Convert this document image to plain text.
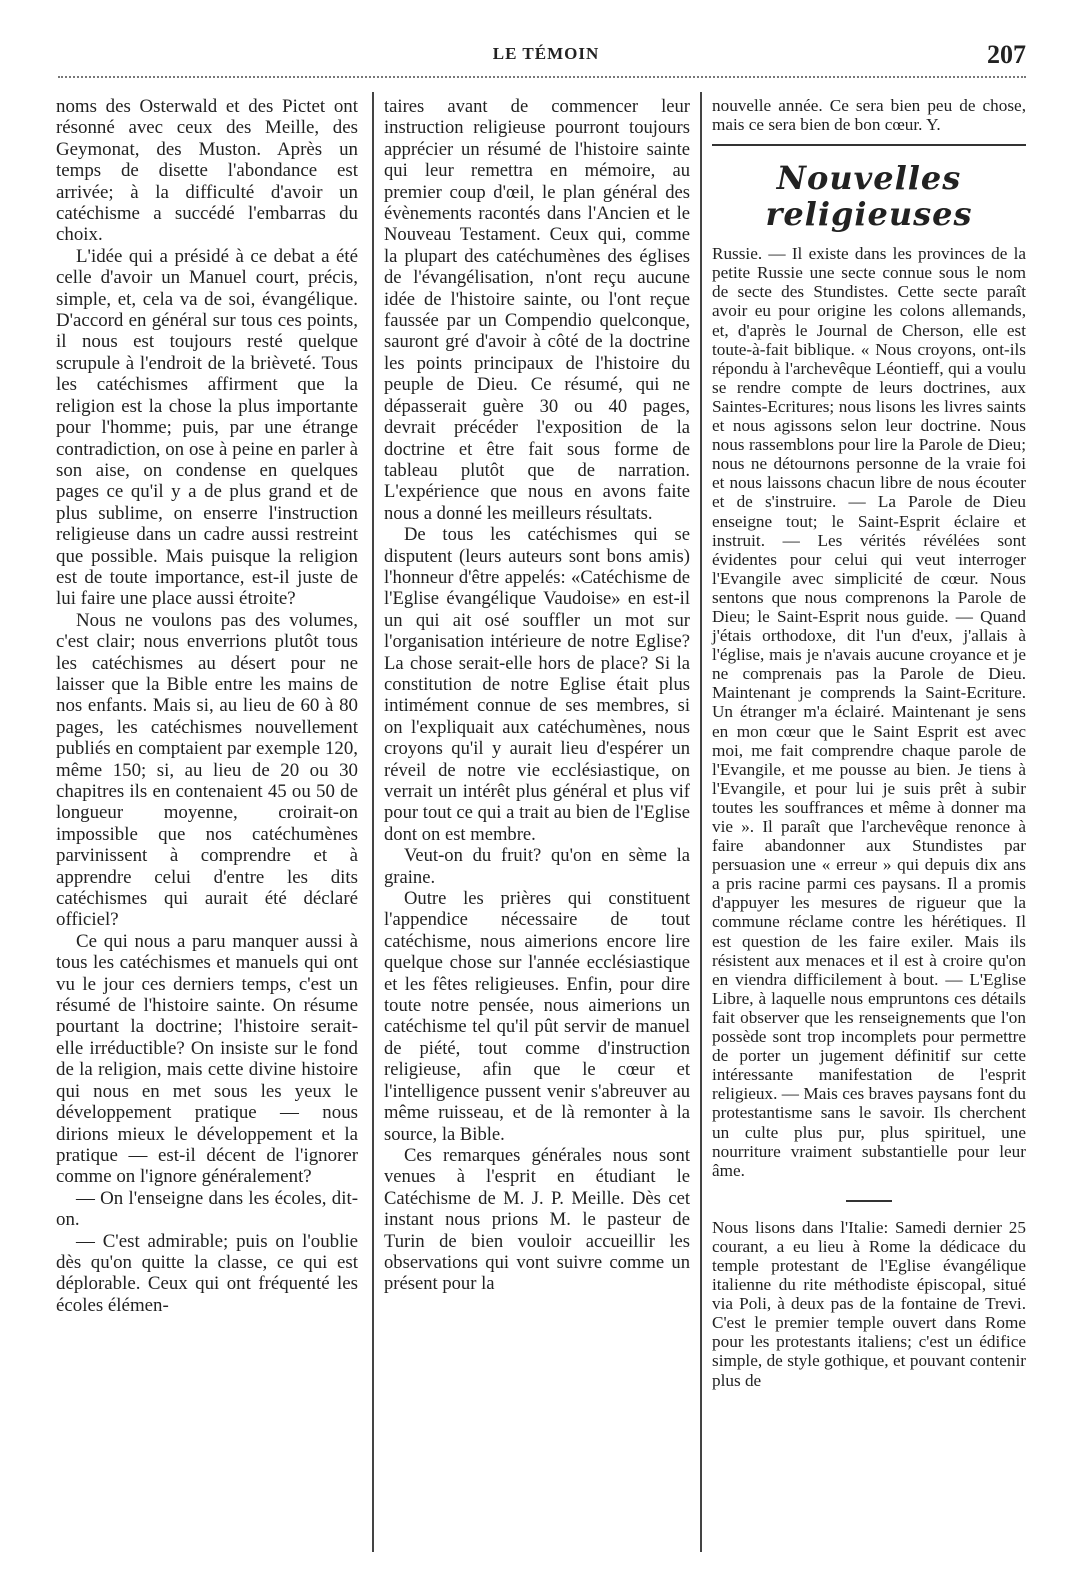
LE TÉMOIN	207

noms des Osterwald et des Pictet ont résonné avec ceux des Meille, des Geymonat, des Muston. Après un temps de disette l'abondance est arrivée; à la difficulté d'avoir un catéchisme a succédé l'embarras du choix.

L'idée qui a présidé à ce debat a été celle d'avoir un Manuel court, précis, simple, et, cela va de soi, évangélique. D'accord en général sur tous ces points, il nous est toujours resté quelque scrupule à l'endroit de la brièveté. Tous les catéchismes affirment que la religion est la chose la plus importante pour l'homme; puis, par une étrange contradiction, on ose à peine en parler à son aise, on condense en quelques pages ce qu'il y a de plus grand et de plus sublime, on enserre l'instruction religieuse dans un cadre aussi restreint que possible. Mais puisque la religion est de toute importance, est-il juste de lui faire une place aussi étroite?

Nous ne voulons pas des volumes, c'est clair; nous enverrions plutôt tous les catéchismes au désert pour ne laisser que la Bible entre les mains de nos enfants. Mais si, au lieu de 60 à 80 pages, les catéchismes nouvellement publiés en comptaient par exemple 120, même 150; si, au lieu de 20 ou 30 chapitres ils en contenaient 45 ou 50 de longueur moyenne, croirait-on impossible que nos catéchumènes parvinissent à comprendre et à apprendre celui d'entre les dits catéchismes qui aurait été déclaré officiel?

Ce qui nous a paru manquer aussi à tous les catéchismes et manuels qui ont vu le jour ces derniers temps, c'est un résumé de l'histoire sainte. On résume pourtant la doctrine; l'histoire serait-elle irréductible? On insiste sur le fond de la religion, mais cette divine histoire qui nous en met sous les yeux le développement pratique — nous dirions mieux le développement et la pratique — est-il décent de l'ignorer comme on l'ignore généralement?

— On l'enseigne dans les écoles, dit-on.

— C'est admirable; puis on l'oublie dès qu'on quitte la classe, ce qui est déplorable. Ceux qui ont fréquenté les écoles élémen-

taires avant de commencer leur instruction religieuse pourront toujours apprécier un résumé de l'histoire sainte qui leur remettra en mémoire, au premier coup d'œil, le plan général des évènements racontés dans l'Ancien et le Nouveau Testament. Ceux qui, comme la plupart des catéchumènes des églises de l'évangélisation, n'ont reçu aucune idée de l'histoire sainte, ou l'ont reçue faussée par un Compendio quelconque, sauront gré d'avoir à côté de la doctrine les points principaux de l'histoire du peuple de Dieu. Ce résumé, qui ne dépasserait guère 30 ou 40 pages, devrait précéder l'exposition de la doctrine et être fait sous forme de tableau plutôt que de narration. L'expérience que nous en avons faite nous a donné les meilleurs résultats.

De tous les catéchismes qui se disputent (leurs auteurs sont bons amis) l'honneur d'être appelés: «Catéchisme de l'Eglise évangélique Vaudoise» en est-il un qui ait osé souffler un mot sur l'organisation intérieure de notre Eglise? La chose serait-elle hors de place? Si la constitution de notre Eglise était plus intimément connue de ses membres, si on l'expliquait aux catéchumènes, nous croyons qu'il y aurait lieu d'espérer un réveil de notre vie ecclésiastique, on verrait un intérêt plus général et plus vif pour tout ce qui a trait au bien de l'Eglise dont on est membre.

Veut-on du fruit? qu'on en sème la graine.

Outre les prières qui constituent l'appendice nécessaire de tout catéchisme, nous aimerions encore lire quelque chose sur l'année ecclésiastique et les fêtes religieuses. Enfin, pour dire toute notre pensée, nous aimerions un catéchisme tel qu'il pût servir de manuel de piété, tout comme d'instruction religieuse, afin que le cœur et l'intelligence pussent venir s'abreuver au même ruisseau, et de là remonter à la source, la Bible.

Ces remarques générales nous sont venues à l'esprit en étudiant le Catéchisme de M. J. P. Meille. Dès cet instant nous prions M. le pasteur de Turin de bien vouloir accueillir les observations qui vont suivre comme un présent pour la

nouvelle année. Ce sera bien peu de chose, mais ce sera bien de bon cœur. Y.

Nouvelles religieuses

Russie. — Il existe dans les provinces de la petite Russie une secte connue sous le nom de secte des Stundistes. Cette secte paraît avoir eu pour origine les colons allemands, et, d'après le Journal de Cherson, elle est toute-à-fait biblique. « Nous croyons, ont-ils répondu à l'archevêque Léontieff, qui a voulu se rendre compte de leurs doctrines, aux Saintes-Ecritures; nous lisons les livres saints et nous agissons selon leur doctrine. Nous nous rassemblons pour lire la Parole de Dieu; nous ne détournons personne de la vraie foi et nous laissons chacun libre de nous écouter et de s'instruire. — La Parole de Dieu enseigne tout; le Saint-Esprit éclaire et instruit. — Les vérités révélées sont évidentes pour celui qui veut interroger l'Evangile avec simplicité de cœur. Nous sentons que nous comprenons la Parole de Dieu; le Saint-Esprit nous guide. — Quand j'étais orthodoxe, dit l'un d'eux, j'allais à l'église, mais je n'avais aucune croyance et je ne comprenais pas la Parole de Dieu. Maintenant je comprends la Saint-Ecriture. Un étranger m'a éclairé. Maintenant je sens en mon cœur que le Saint Esprit est avec moi, me fait comprendre chaque parole de l'Evangile, et me pousse au bien. Je tiens à l'Evangile, et pour lui je suis prêt à subir toutes les souffrances et même à donner ma vie ». Il paraît que l'archevêque renonce à faire abandonner aux Stundistes par persuasion une « erreur » qui depuis dix ans a pris racine parmi ces paysans. Il a promis d'appuyer les mesures de rigueur que la commune réclame contre les hérétiques. Il est question de les faire exiler. Mais ils résistent aux menaces et il est à croire qu'on en viendra difficilement à bout. — L'Eglise Libre, à laquelle nous empruntons ces détails fait observer que les renseignements que l'on possède sont trop incomplets pour permettre de porter un jugement définitif sur cette intéressante manifestation de l'esprit religieux. — Mais ces braves paysans font du protestantisme sans le savoir. Ils cherchent un culte plus pur, plus spirituel, une nourriture vraiment substantielle pour leur âme.

Nous lisons dans l'Italie: Samedi dernier 25 courant, a eu lieu à Rome la dédicace du temple protestant de l'Eglise évangélique italienne du rite méthodiste épiscopal, situé via Poli, à deux pas de la fontaine de Trevi. C'est le premier temple ouvert dans Rome pour les protestants italiens; c'est un édifice simple, de style gothique, et pouvant contenir plus de
